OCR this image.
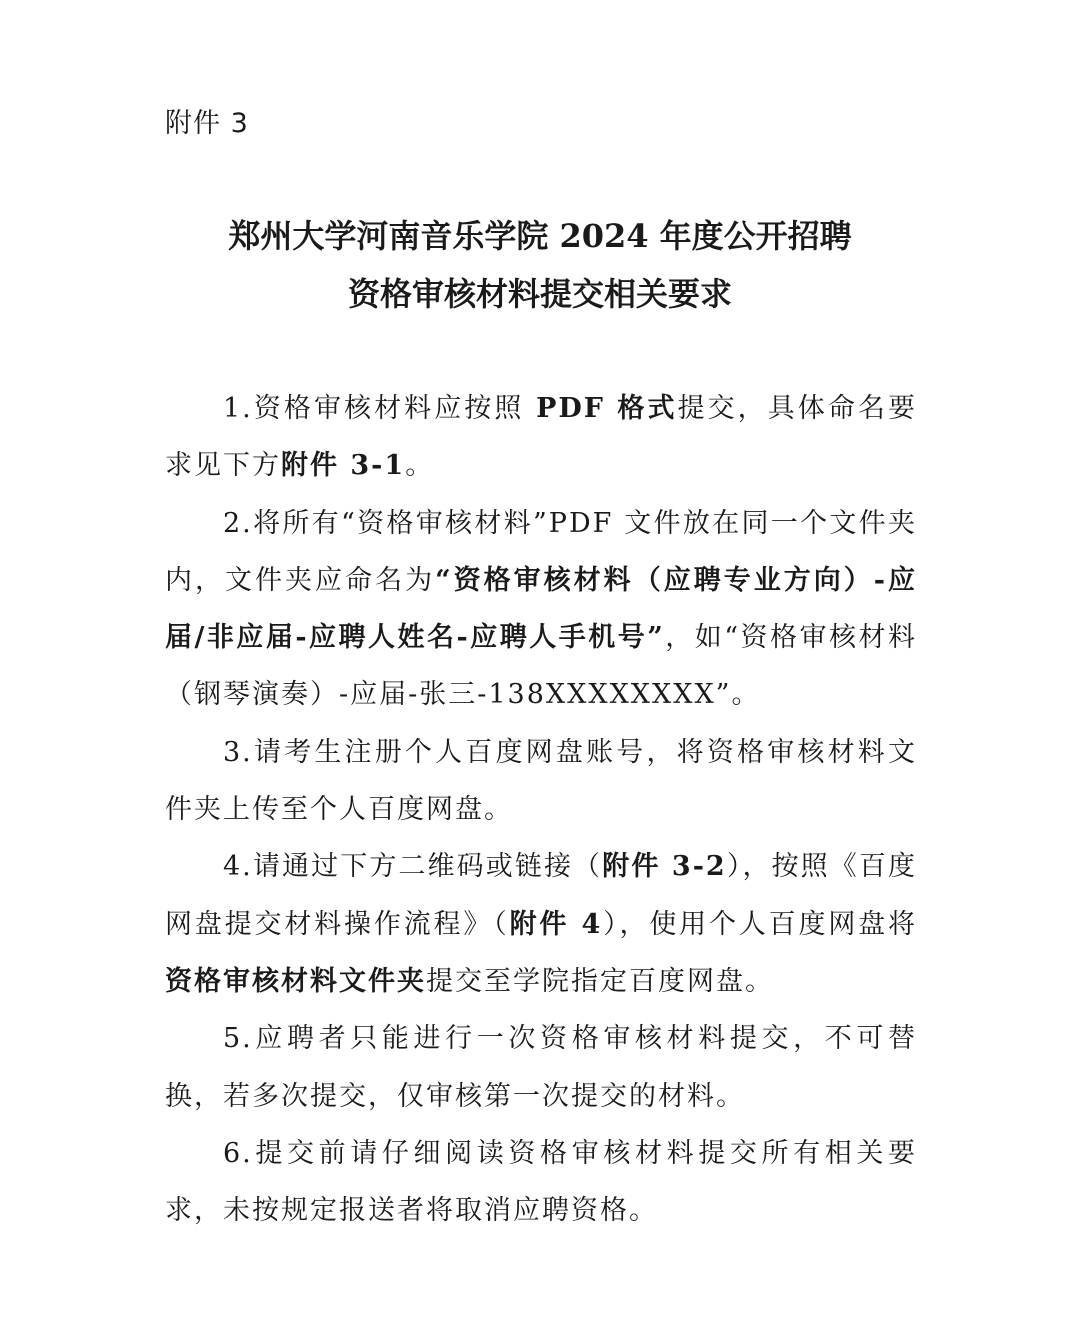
附件 3
郑州大学河南音乐学院 2024 年度公开招聘
资格审核材料提交相关要求

1.资格审核材料应按照 PDF 格式提交，具体命名要求见下方附件 3-1。

2.将所有“资格审核材料”PDF 文件放在同一个文件夹内，文件夹应命名为“资格审核材料（应聘专业方向）-应届/非应届-应聘人姓名-应聘人手机号”，如“资格审核材料（钢琴演奏）-应届-张三-138XXXXXXXX”。

3.请考生注册个人百度网盘账号，将资格审核材料文件夹上传至个人百度网盘。

4.请通过下方二维码或链接（附件 3-2），按照《百度网盘提交材料操作流程》（附件 4），使用个人百度网盘将资格审核材料文件夹提交至学院指定百度网盘。

5.应聘者只能进行一次资格审核材料提交，不可替换，若多次提交，仅审核第一次提交的材料。

6.提交前请仔细阅读资格审核材料提交所有相关要求，未按规定报送者将取消应聘资格。
